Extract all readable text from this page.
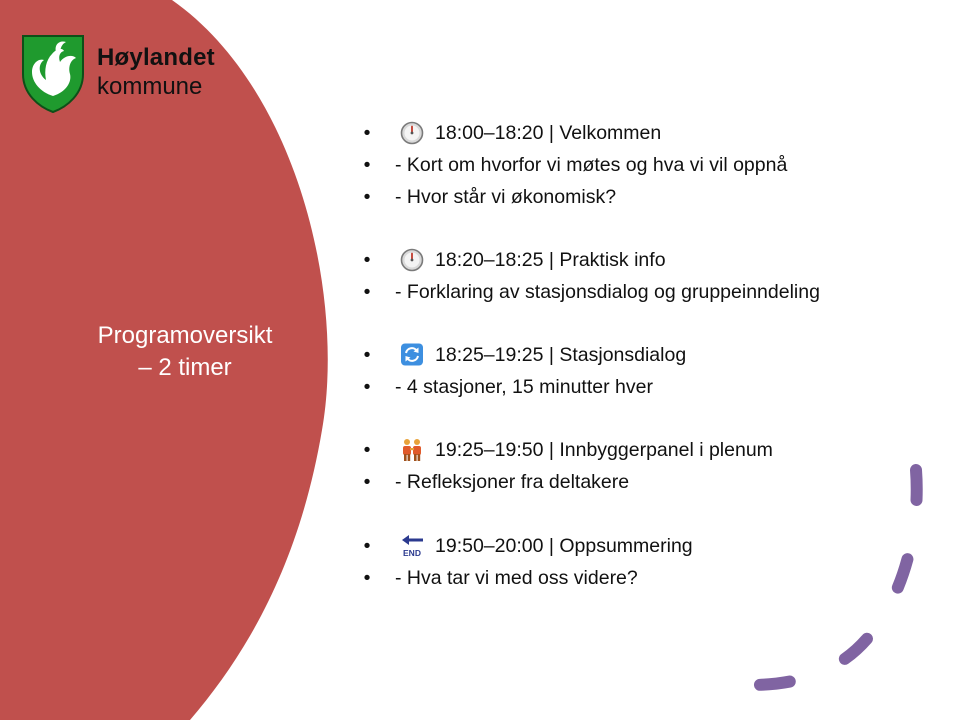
Høylandet
kommune
Programoversikt
– 2 timer
•	18:00–18:20 | Velkommen
• - Kort om hvorfor vi møtes og hva vi vil oppnå
• - Hvor står vi økonomisk?
•	18:20–18:25 | Praktisk info
• - Forklaring av stasjonsdialog og gruppeinndeling
•	18:25–19:25 | Stasjonsdialog
• - 4 stasjoner, 15 minutter hver
•	19:25–19:50 | Innbyggerpanel i plenum
• - Refleksjoner fra deltakere
•	END 19:50–20:00 | Oppsummering
• - Hva tar vi med oss videre?
